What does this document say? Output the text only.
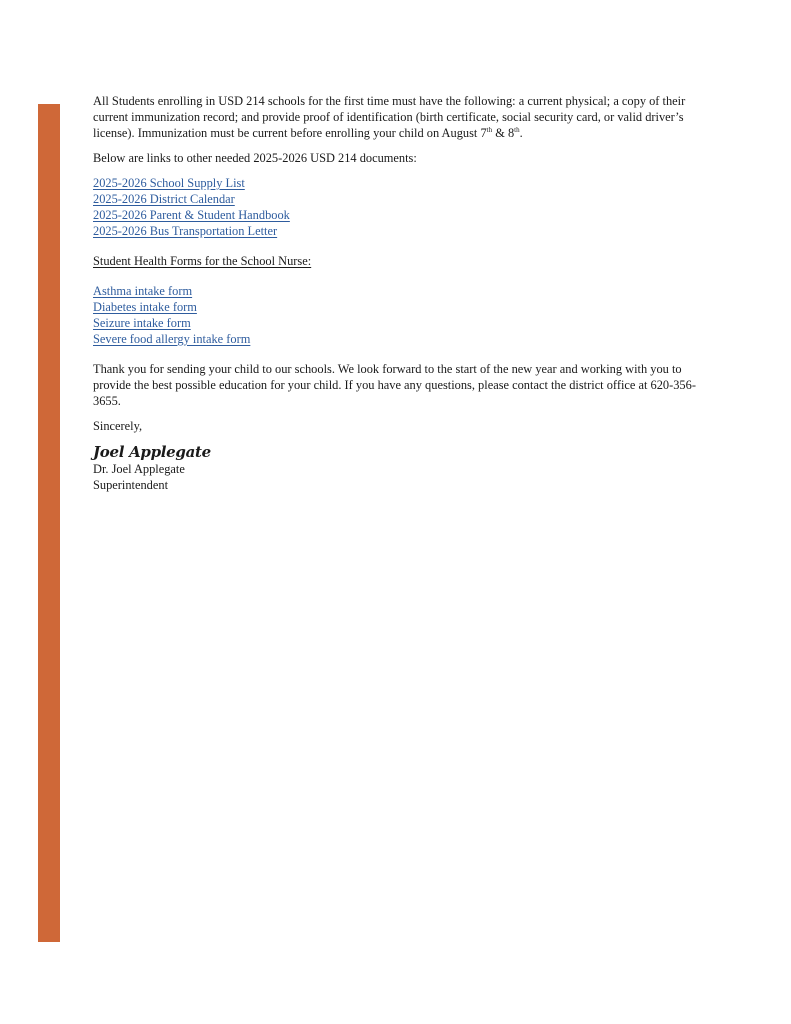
All Students enrolling in USD 214 schools for the first time must have the following: a current physical; a copy of their current immunization record; and provide proof of identification (birth certificate, social security card, or valid driver’s license). Immunization must be current before enrolling your child on August 7th & 8th.

Below are links to other needed 2025-2026 USD 214 documents:

2025-2026 School Supply List
2025-2026 District Calendar
2025-2026 Parent & Student Handbook
2025-2026 Bus Transportation Letter

Student Health Forms for the School Nurse:

Asthma intake form
Diabetes intake form
Seizure intake form
Severe food allergy intake form

Thank you for sending your child to our schools. We look forward to the start of the new year and working with you to provide the best possible education for your child. If you have any questions, please contact the district office at 620-356-3655.

Sincerely,

Joel Applegate

Dr. Joel Applegate

Superintendent
